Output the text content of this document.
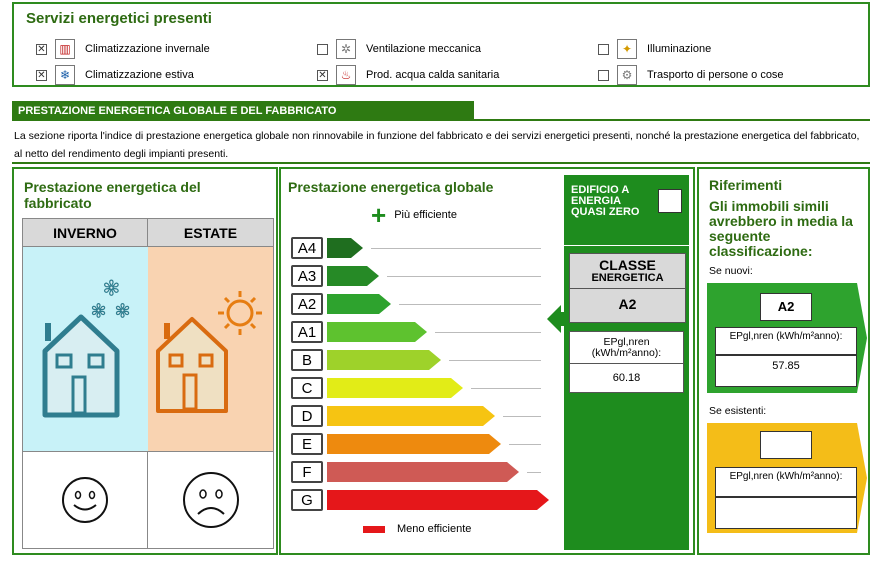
Servizi energetici presenti
✕ ▥ Climatizzazione invernale
✕ ❄ Climatizzazione estiva
✲ Ventilazione meccanica
✕ ♨ Prod. acqua calda sanitaria
✦ Illuminazione
⚙ Trasporto di persone o cose
PRESTAZIONE ENERGETICA GLOBALE E DEL FABBRICATO
La sezione riporta l'indice di prestazione energetica globale non rinnovabile in funzione del fabbricato e dei servizi energetici presenti, nonché la prestazione energetica del fabbricato, al netto del rendimento degli impianti presenti.
Prestazione energetica del fabbricato
INVERNO	ESTATE
✻
✻ ✻
Prestazione energetica globale
+ Più efficiente
A4
A3
A2
A1
B
C
D
E
F
G
Meno efficiente
EDIFICIO A ENERGIA QUASI ZERO
CLASSE
ENERGETICA
A2
EPgl,nren (kWh/m²anno):
60.18
Riferimenti
Gli immobili simili avrebbero in media la seguente classificazione:
Se nuovi:
A2
EPgl,nren (kWh/m²anno):
57.85
Se esistenti:
EPgl,nren (kWh/m²anno):
